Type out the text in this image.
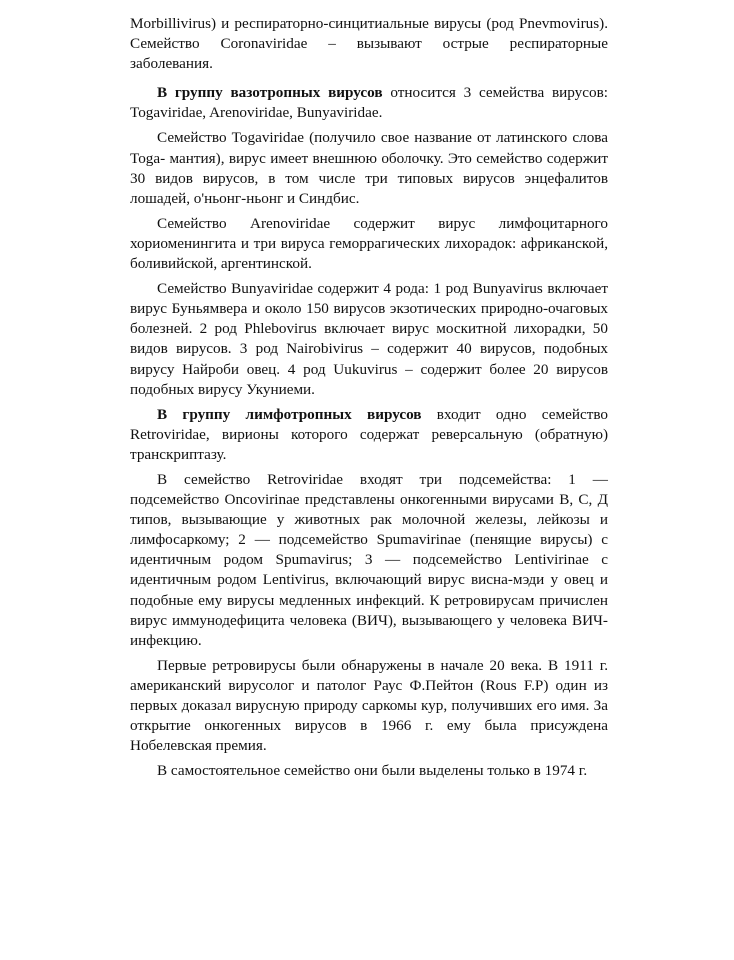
Morbillivirus) и респираторно-синцитиальные вирусы (род Pnevmovirus). Семейство Coronaviridae – вызывают острые респираторные заболевания.

В группу вазотропных вирусов относится 3 семейства вирусов: Togaviridae, Arenoviridae, Bunyaviridae.

Семейство Togaviridae (получило свое название от латинского слова Toga- мантия), вирус имеет внешнюю оболочку. Это семейство содержит 30 видов вирусов, в том числе три типовых вирусов энцефалитов лошадей, о'ньонг-ньонг и Синдбис.

Семейство Arenoviridae содержит вирус лимфоцитарного хориоменингита и три вируса геморрагических лихорадок: африканской, боливийской, аргентинской.

Семейство Bunyaviridae содержит 4 рода: 1 род Bunyavirus включает вирус Буньямвера и около 150 вирусов экзотических природно-очаговых болезней. 2 род Phlebovirus включает вирус москитной лихорадки, 50 видов вирусов. 3 род Nairobivirus – содержит 40 вирусов, подобных вирусу Найроби овец. 4 род Uukuvirus – содержит более 20 вирусов подобных вирусу Укуниеми.

В группу лимфотропных вирусов входит одно семейство Retroviridae, вирионы которого содержат ревeрсальную (обратную) транскриптазу.

В семейство Retroviridae входят три подсемейства: 1 — подсемейство Oncovirinae представлены онкогенными вирусами В, С, Д типов, вызывающие у животных рак молочной железы, лейкозы и лимфосаркому; 2 — подсемейство Spumavirinae (пенящие вирусы) с идентичным родом Spumavirus; 3 — подсемейство Lentivirinae с идентичным родом Lentivirus, включающий вирус висна-мэди у овец и подобные ему вирусы медленных инфекций. К ретровирусам причислен вирус иммунодефицита человека (ВИЧ), вызывающего у человека ВИЧ-инфекцию.

Первые ретровирусы были обнаружены в начале 20 века. В 1911 г. американский вирусолог и патолог Раус Ф.Пейтон (Rous F.P) один из первых доказал вирусную природу саркомы кур, получивших его имя. За открытие онкогенных вирусов в 1966 г. ему была присуждена Нобелевская премия.

В самостоятельное семейство они были выделены только в 1974 г.
